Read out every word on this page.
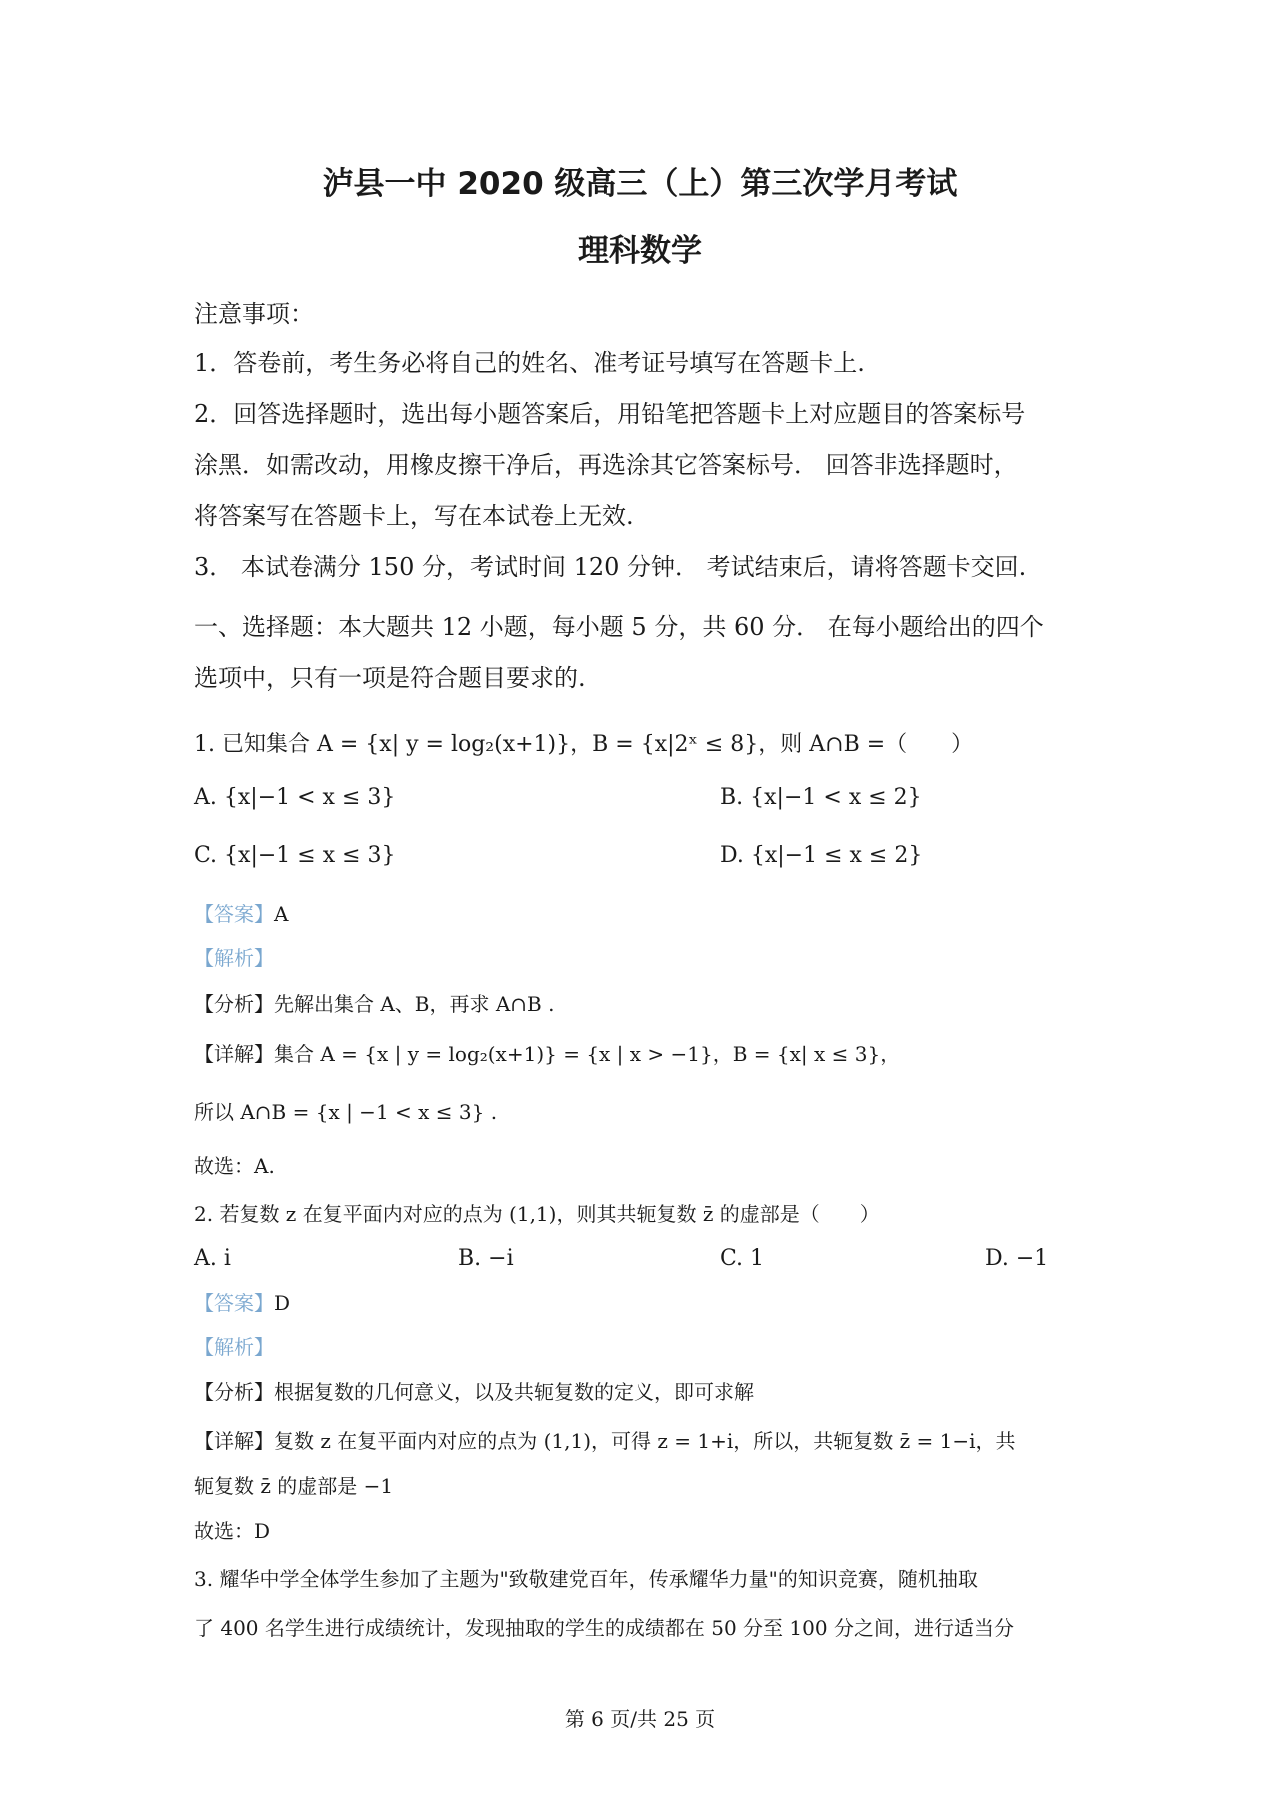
泸县一中 2020 级高三（上）第三次学月考试
理科数学
注意事项：
1．答卷前，考生务必将自己的姓名、准考证号填写在答题卡上.
2．回答选择题时，选出每小题答案后，用铅笔把答题卡上对应题目的答案标号
涂黑．如需改动，用橡皮擦干净后，再选涂其它答案标号． 回答非选择题时，
将答案写在答题卡上，写在本试卷上无效.
3． 本试卷满分 150 分，考试时间 120 分钟． 考试结束后，请将答题卡交回.
一、选择题：本大题共 12 小题，每小题 5 分，共 60 分． 在每小题给出的四个
选项中，只有一项是符合题目要求的.
1. 已知集合 A = {x| y = log₂(x+1)}，B = {x|2ˣ ≤ 8}，则 A∩B =（　　）
A. {x|−1 < x ≤ 3}	B. {x|−1 < x ≤ 2}
C. {x|−1 ≤ x ≤ 3}	D. {x|−1 ≤ x ≤ 2}
【答案】A
【解析】
【分析】先解出集合 A、B，再求 A∩B .
【详解】集合 A = {x | y = log₂(x+1)} = {x | x > −1}，B = {x| x ≤ 3}，
所以 A∩B = {x | −1 < x ≤ 3} .
故选：A.
2. 若复数 z 在复平面内对应的点为 (1,1)，则其共轭复数 z̄ 的虚部是（　　）
A. i	B. −i	C. 1	D. −1
【答案】D
【解析】
【分析】根据复数的几何意义，以及共轭复数的定义，即可求解
【详解】复数 z 在复平面内对应的点为 (1,1)，可得 z = 1+i，所以，共轭复数 z̄ = 1−i，共
轭复数 z̄ 的虚部是 −1
故选：D
3. 耀华中学全体学生参加了主题为"致敬建党百年，传承耀华力量"的知识竞赛，随机抽取
了 400 名学生进行成绩统计，发现抽取的学生的成绩都在 50 分至 100 分之间，进行适当分
第 6 页/共 25 页
